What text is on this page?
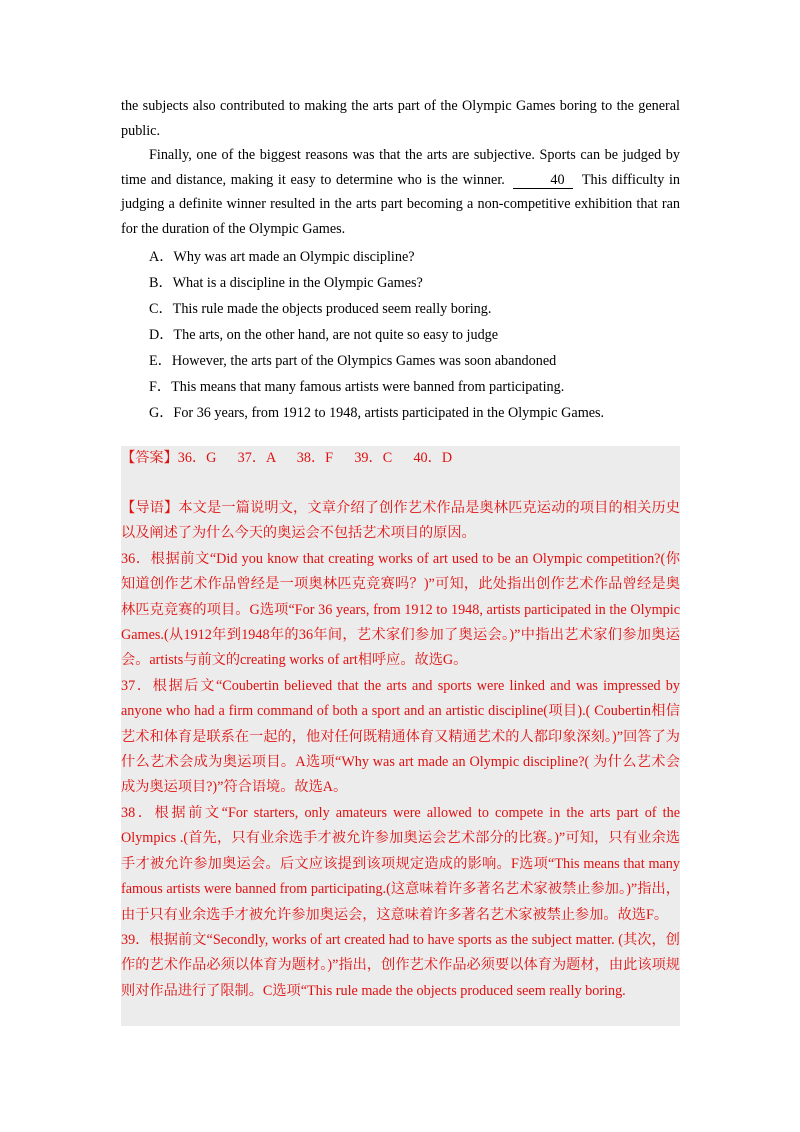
the subjects also contributed to making the arts part of the Olympic Games boring to the general public.

Finally, one of the biggest reasons was that the arts are subjective. Sports can be judged by time and distance, making it easy to determine who is the winner.	40 This difficulty in judging a definite winner resulted in the arts part becoming a non-competitive exhibition that ran for the duration of the Olympic Games.

A．Why was art made an Olympic discipline?
B．What is a discipline in the Olympic Games?
C．This rule made the objects produced seem really boring.
D．The arts, on the other hand, are not quite so easy to judge
E．However, the arts part of the Olympics Games was soon abandoned
F．This means that many famous artists were banned from participating.
G．For 36 years, from 1912 to 1948, artists participated in the Olympic Games.
【答案】36．G      37．A      38．F      39．C      40．D

【导语】本文是一篇说明文，文章介绍了创作艺术作品是奥林匹克运动的项目的相关历史以及阐述了为什么今天的奥运会不包括艺术项目的原因。

36．根据前文“Did you know that creating works of art used to be an Olympic competition?(你知道创作艺术作品曾经是一项奥林匹克竞赛吗？)”可知，此处指出创作艺术作品曾经是奥林匹克竞赛的项目。G选项“For 36 years, from 1912 to 1948, artists participated in the Olympic Games.(从1912年到1948年的36年间，艺术家们参加了奥运会。)”中指出艺术家们参加奥运会。artists与前文的creating works of art相呼应。故选G。

37．根据后文“Coubertin believed that the arts and sports were linked and was impressed by anyone who had a firm command of both a sport and an artistic discipline(项目).( Coubertin相信艺术和体育是联系在一起的，他对任何既精通体育又精通艺术的人都印象深刻。)”回答了为什么艺术会成为奥运项目。A选项“Why was art made an Olympic discipline?( 为什么艺术会成为奥运项目?)”符合语境。故选A。

38．根据前文“For starters, only amateurs were allowed to compete in the arts part of the Olympics .(首先，只有业余选手才被允许参加奥运会艺术部分的比赛。)”可知，只有业余选手才被允许参加奥运会。后文应该提到该项规定造成的影响。F选项“This means that many famous artists were banned from participating.(这意味着许多著名艺术家被禁止参加。)”指出，由于只有业余选手才被允许参加奥运会，这意味着许多著名艺术家被禁止参加。故选F。

39．根据前文“Secondly, works of art created had to have sports as the subject matter. (其次，创作的艺术作品必须以体育为题材。)”指出，创作艺术作品必须要以体育为题材，由此该项规则对作品进行了限制。C选项“This rule made the objects produced seem really boring.
